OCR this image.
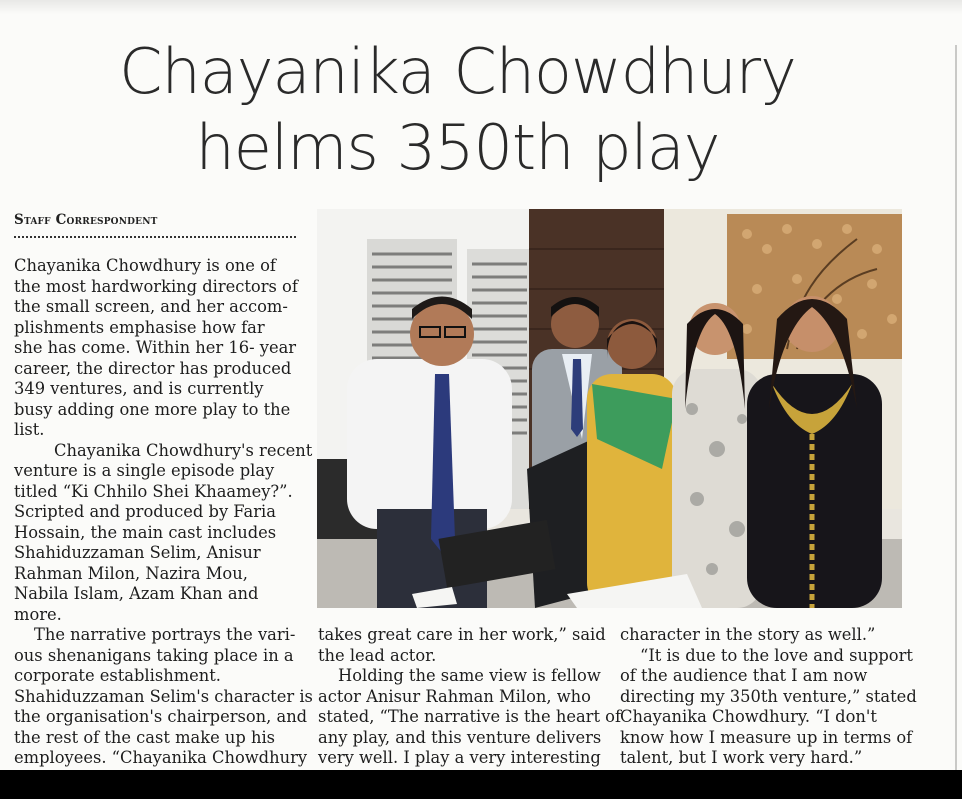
Chayanika Chowdhury
helms 350th play
Staff Correspondent
Chayanika Chowdhury is one of
the most hardworking directors of
the small screen, and her accom-
plishments emphasise how far
she has come. Within her 16- year
career, the director has produced
349 ventures, and is currently
busy adding one more play to the
list.
Chayanika Chowdhury's recent
venture is a single episode play
titled “Ki Chhilo Shei Khaamey?”.
Scripted and produced by Faria
Hossain, the main cast includes
Shahiduzzaman Selim, Anisur
Rahman Milon, Nazira Mou,
Nabila Islam, Azam Khan and
more.
The narrative portrays the vari-
ous shenanigans taking place in a
corporate establishment.
Shahiduzzaman Selim's character is
the organisation's chairperson, and
the rest of the cast make up his
employees. “Chayanika Chowdhury
takes great care in her work,” said
the lead actor.
Holding the same view is fellow
actor Anisur Rahman Milon, who
stated, “The narrative is the heart of
any play, and this venture delivers
very well. I play a very interesting
character in the story as well.”
“It is due to the love and support
of the audience that I am now
directing my 350th venture,” stated
Chayanika Chowdhury. “I don't
know how I measure up in terms of
talent, but I work very hard.”
